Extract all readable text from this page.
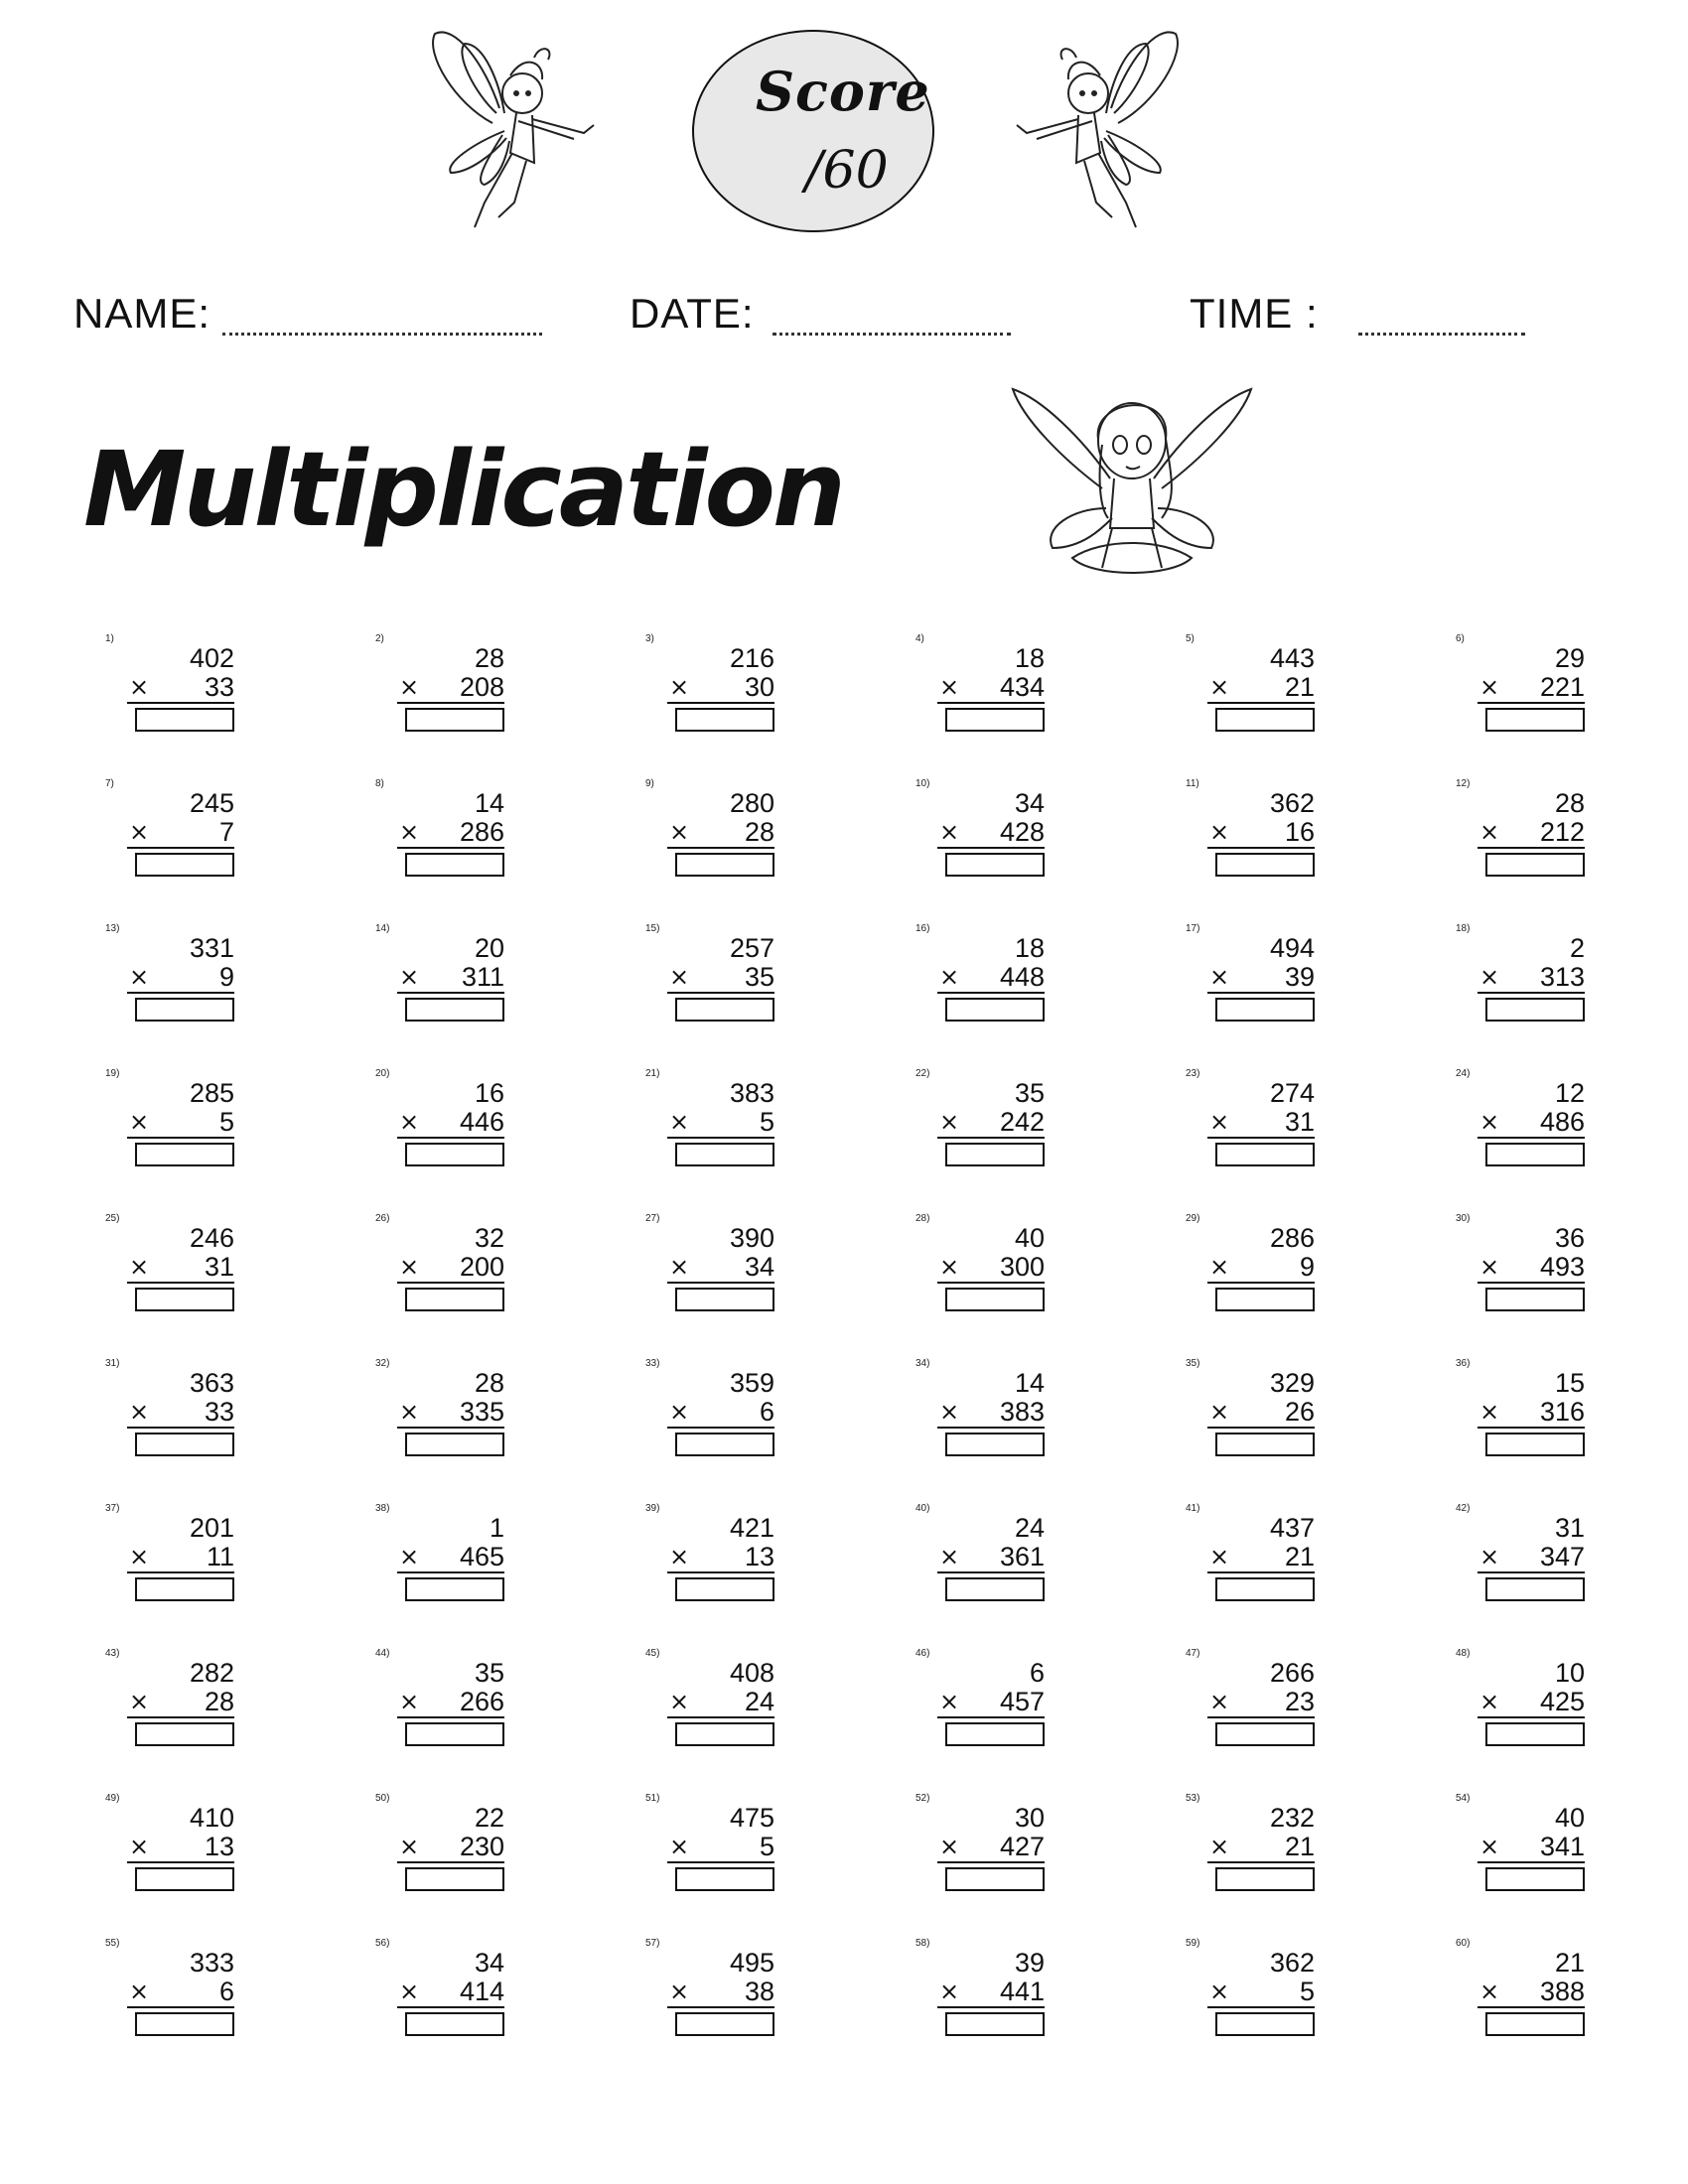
Score
/60
NAME:	DATE:	TIME :
Multiplication
1)
402
× 33
2)
28
× 208
3)
216
× 30
4)
18
× 434
5)
443
× 21
6)
29
× 221
7)
245
×	7
8)
14
× 286
9)
280
× 28
10)
34
× 428
11)
362
× 16
12)
28
× 212
13)
331
×	9
14)
20
× 311
15)
257
× 35
16)
18
× 448
17)
494
× 39
18)
2
× 313
19)
285
×	5
20)
16
× 446
21)
383
×	5
22)
35
× 242
23)
274
× 31
24)
12
× 486
25)
246
× 31
26)
32
× 200
27)
390
× 34
28)
40
× 300
29)
286
×	9
30)
36
× 493
31)
363
× 33
32)
28
× 335
33)
359
×	6
34)
14
× 383
35)
329
× 26
36)
15
× 316
37)
201
× 11
38)
1
× 465
39)
421
× 13
40)
24
× 361
41)
437
× 21
42)
31
× 347
43)
282
× 28
44)
35
× 266
45)
408
× 24
46)
6
× 457
47)
266
× 23
48)
10
× 425
49)
410
× 13
50)
22
× 230
51)
475
×	5
52)
30
× 427
53)
232
× 21
54)
40
× 341
55)
333
×	6
56)
34
× 414
57)
495
× 38
58)
39
× 441
59)
362
×	5
60)
21
× 388
